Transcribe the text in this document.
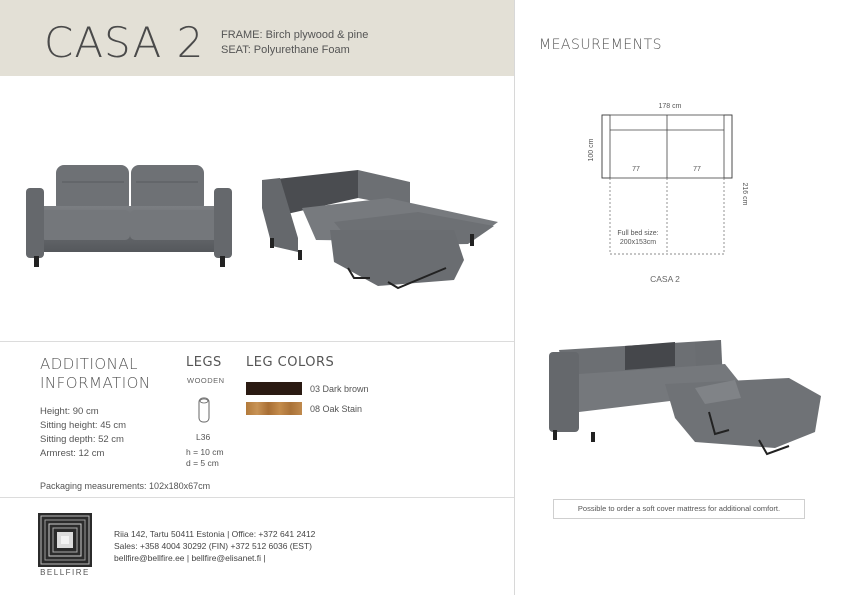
CASA 2 FRAME: Birch plywood & pine
SEAT: Polyurethane Foam
ADDITIONAL
INFORMATION
Height: 90 cm
Sitting height: 45 cm
Sitting depth: 52 cm
Armrest: 12 cm
LEGS
WOODEN
L36
h = 10 cm
d = 5 cm
LEG COLORS
03 Dark brown
08 Oak Stain
Packaging measurements: 102x180x67cm
BELLFIRE
Riia 142, Tartu 50411 Estonia | Office: +372 641 2412
Sales: +358 4004 30292 (FIN) +372 512 6036 (EST)
bellfire@bellfire.ee | bellfire@elisanet.fi |
MEASUREMENTS
178 cm
100 cm
77	77
216 cm
Full bed size:
200x153cm
CASA 2
Possible to order a soft cover mattress for additional comfort.
